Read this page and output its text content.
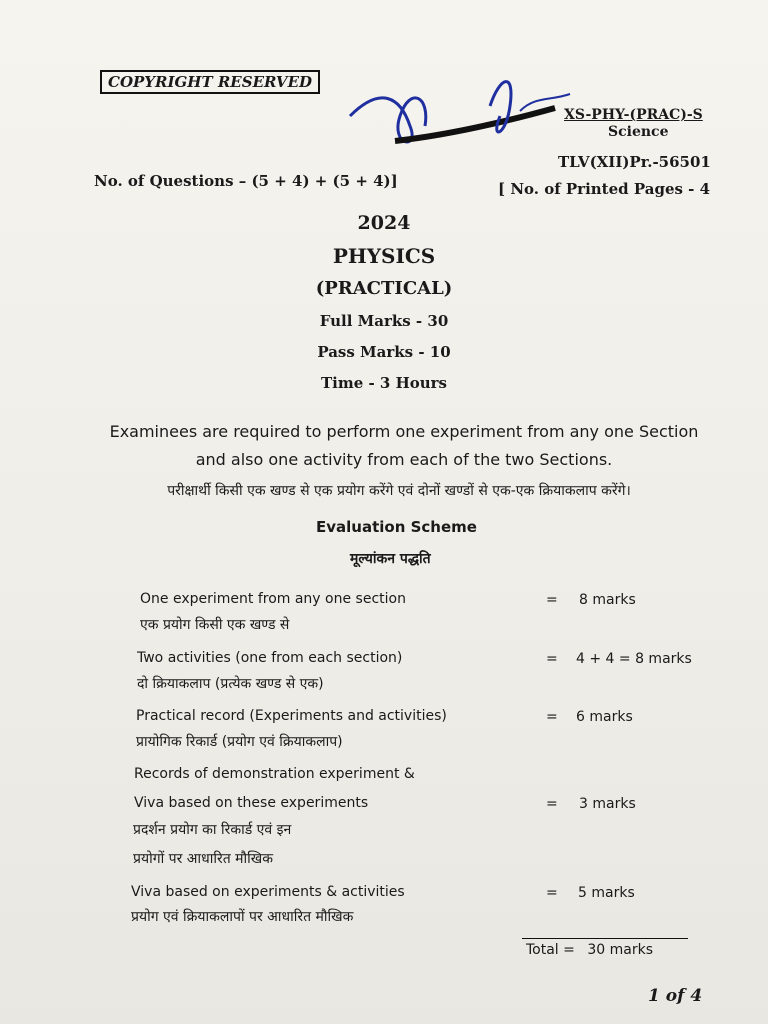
COPYRIGHT RESERVED
XS-PHY-(PRAC)-S
Science
TLV(XII)Pr.-56501
No. of Questions – (5 + 4) + (5 + 4)]	[ No. of Printed Pages - 4
2024
PHYSICS
(PRACTICAL)
Full Marks - 30
Pass Marks - 10
Time - 3 Hours
Examinees are required to perform one experiment from any one Section
and also one activity from each of the two Sections.
परीक्षार्थी किसी एक खण्ड से एक प्रयोग करेंगे एवं दोनों खण्डों से एक-एक क्रियाकलाप करेंगे।
Evaluation Scheme
मूल्यांकन पद्धति
One experiment from any one section
एक प्रयोग किसी एक खण्ड से
= 8 marks
Two activities (one from each section)
दो क्रियाकलाप (प्रत्येक खण्ड से एक)
= 4 + 4 = 8 marks
Practical record (Experiments and activities)
प्रायोगिक रिकार्ड (प्रयोग एवं क्रियाकलाप)
= 6 marks
Records of demonstration experiment &
Viva based on these experiments
प्रदर्शन प्रयोग का रिकार्ड एवं इन
प्रयोगों पर आधारित मौखिक
= 3 marks
Viva based on experiments & activities
प्रयोग एवं क्रियाकलापों पर आधारित मौखिक
= 5 marks
Total = 30 marks
1 of 4
